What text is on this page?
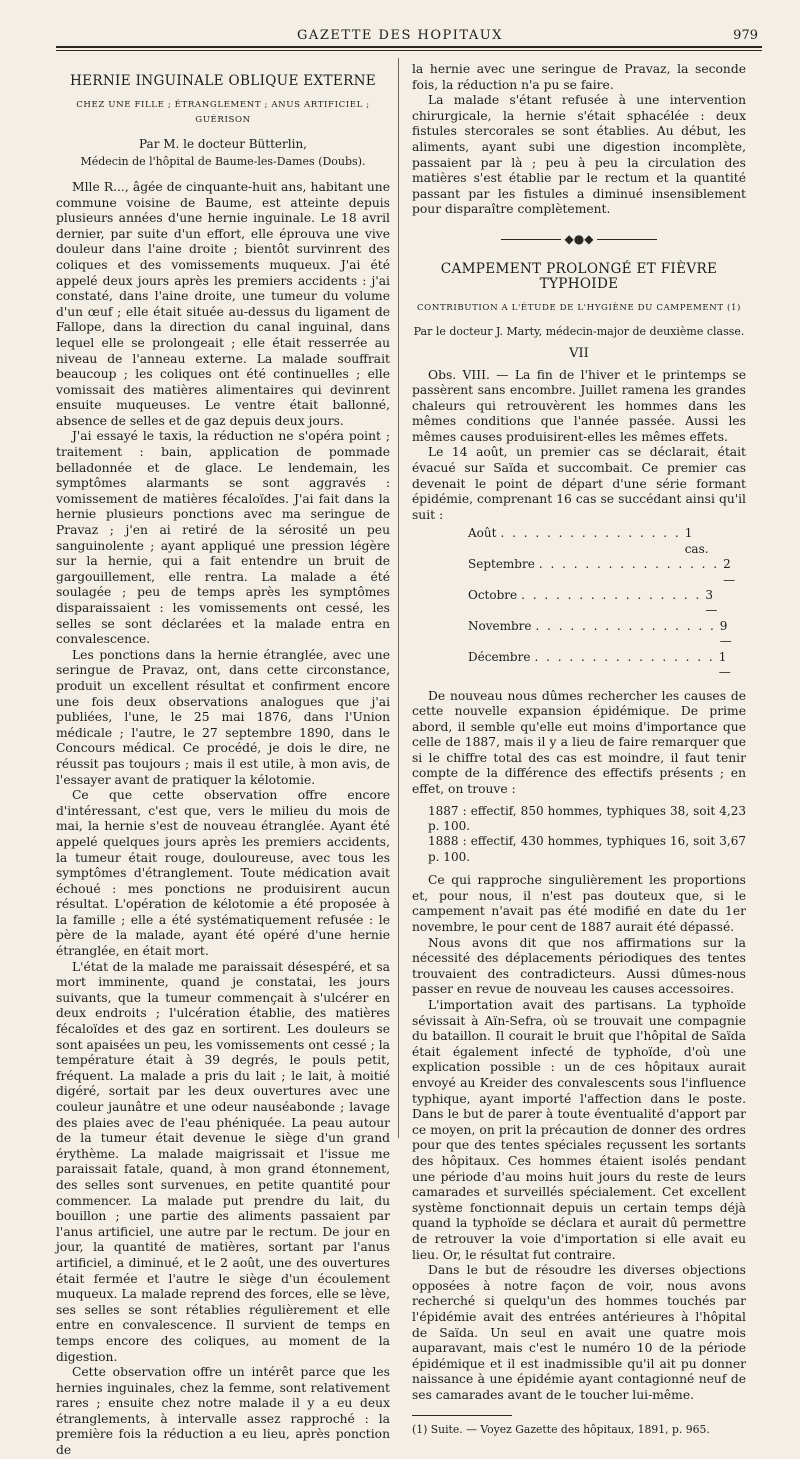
GAZETTE DES HOPITAUX	979
HERNIE INGUINALE OBLIQUE EXTERNE
CHEZ UNE FILLE ; ÉTRANGLEMENT ; ANUS ARTIFICIEL ; GUÉRISON
Par M. le docteur Bütterlin,
Médecin de l'hôpital de Baume-les-Dames (Doubs).

Mlle R..., âgée de cinquante-huit ans, habitant une commune voisine de Baume, est atteinte depuis plusieurs années d'une hernie inguinale. Le 18 avril dernier, par suite d'un effort, elle éprouva une vive douleur dans l'aine droite ; bientôt survinrent des coliques et des vomissements muqueux. J'ai été appelé deux jours après les premiers accidents : j'ai constaté, dans l'aine droite, une tumeur du volume d'un œuf ; elle était située au-dessus du ligament de Fallope, dans la direction du canal inguinal, dans lequel elle se prolongeait ; elle était resserrée au niveau de l'anneau externe. La malade souffrait beaucoup ; les coliques ont été continuelles ; elle vomissait des matières alimentaires qui devinrent ensuite muqueuses. Le ventre était ballonné, absence de selles et de gaz depuis deux jours.

J'ai essayé le taxis, la réduction ne s'opéra point ; traitement : bain, application de pommade belladonnée et de glace. Le lendemain, les symptômes alarmants se sont aggravés : vomissement de matières fécaloïdes. J'ai fait dans la hernie plusieurs ponctions avec ma seringue de Pravaz ; j'en ai retiré de la sérosité un peu sanguinolente ; ayant appliqué une pression légère sur la hernie, qui a fait entendre un bruit de gargouillement, elle rentra. La malade a été soulagée ; peu de temps après les symptômes disparaissaient : les vomissements ont cessé, les selles se sont déclarées et la malade entra en convalescence.

Les ponctions dans la hernie étranglée, avec une seringue de Pravaz, ont, dans cette circonstance, produit un excellent résultat et confirment encore une fois deux observations analogues que j'ai publiées, l'une, le 25 mai 1876, dans l'Union médicale ; l'autre, le 27 septembre 1890, dans le Concours médical. Ce procédé, je dois le dire, ne réussit pas toujours ; mais il est utile, à mon avis, de l'essayer avant de pratiquer la kélotomie.

Ce que cette observation offre encore d'intéressant, c'est que, vers le milieu du mois de mai, la hernie s'est de nouveau étranglée. Ayant été appelé quelques jours après les premiers accidents, la tumeur était rouge, douloureuse, avec tous les symptômes d'étranglement. Toute médication avait échoué : mes ponctions ne produisirent aucun résultat. L'opération de kélotomie a été proposée à la famille ; elle a été systématiquement refusée : le père de la malade, ayant été opéré d'une hernie étranglée, en était mort.

L'état de la malade me paraissait désespéré, et sa mort imminente, quand je constatai, les jours suivants, que la tumeur commençait à s'ulcérer en deux endroits ; l'ulcération établie, des matières fécaloïdes et des gaz en sortirent. Les douleurs se sont apaisées un peu, les vomissements ont cessé ; la température était à 39 degrés, le pouls petit, fréquent. La malade a pris du lait ; le lait, à moitié digéré, sortait par les deux ouvertures avec une couleur jaunâtre et une odeur nauséabonde ; lavage des plaies avec de l'eau phéniquée. La peau autour de la tumeur était devenue le siège d'un grand érythème. La malade maigrissait et l'issue me paraissait fatale, quand, à mon grand étonnement, des selles sont survenues, en petite quantité pour commencer. La malade put prendre du lait, du bouillon ; une partie des aliments passaient par l'anus artificiel, une autre par le rectum. De jour en jour, la quantité de matières, sortant par l'anus artificiel, a diminué, et le 2 août, une des ouvertures était fermée et l'autre le siège d'un écoulement muqueux. La malade reprend des forces, elle se lève, ses selles se sont rétablies régulièrement et elle entre en convalescence. Il survient de temps en temps encore des coliques, au moment de la digestion.

Cette observation offre un intérêt parce que les hernies inguinales, chez la femme, sont relativement rares ; ensuite chez notre malade il y a eu deux étranglements, à intervalle assez rapproché : la première fois la réduction a eu lieu, après ponction de

la hernie avec une seringue de Pravaz, la seconde fois, la réduction n'a pu se faire.

La malade s'étant refusée à une intervention chirurgicale, la hernie s'était sphacélée : deux fistules stercorales se sont établies. Au début, les aliments, ayant subi une digestion incomplète, passaient par là ; peu à peu la circulation des matières s'est établie par le rectum et la quantité passant par les fistules a diminué insensiblement pour disparaître complètement.

◆●◆
CAMPEMENT PROLONGÉ ET FIÈVRE TYPHOIDE
CONTRIBUTION A L'ÉTUDE DE L'HYGIÈNE DU CAMPEMENT (1)
Par le docteur J. Marty, médecin-major de deuxième classe.
VII

Obs. VIII. — La fin de l'hiver et le printemps se passèrent sans encombre. Juillet ramena les grandes chaleurs qui retrouvèrent les hommes dans les mêmes conditions que l'année passée. Aussi les mêmes causes produisirent-elles les mêmes effets.

Le 14 août, un premier cas se déclarait, était évacué sur Saïda et succombait. Ce premier cas devenait le point de départ d'une série formant épidémie, comprenant 16 cas se succédant ainsi qu'il suit :

Août . . . . . . . . . . . . . . . . 1 cas.
Septembre . . . . . . . . . . . . . . . . 2 —
Octobre . . . . . . . . . . . . . . . . 3 —
Novembre . . . . . . . . . . . . . . . . 9 —
Décembre . . . . . . . . . . . . . . . . 1 —

De nouveau nous dûmes rechercher les causes de cette nouvelle expansion épidémique. De prime abord, il semble qu'elle eut moins d'importance que celle de 1887, mais il y a lieu de faire remarquer que si le chiffre total des cas est moindre, il faut tenir compte de la différence des effectifs présents ; en effet, on trouve :

1887 : effectif, 850 hommes, typhiques 38, soit 4,23 p. 100.
1888 : effectif, 430 hommes, typhiques 16, soit 3,67 p. 100.

Ce qui rapproche singulièrement les proportions et, pour nous, il n'est pas douteux que, si le campement n'avait pas été modifié en date du 1er novembre, le pour cent de 1887 aurait été dépassé.

Nous avons dit que nos affirmations sur la nécessité des déplacements périodiques des tentes trouvaient des contradicteurs. Aussi dûmes-nous passer en revue de nouveau les causes accessoires.

L'importation avait des partisans. La typhoïde sévissait à Aïn-Sefra, où se trouvait une compagnie du bataillon. Il courait le bruit que l'hôpital de Saïda était également infecté de typhoïde, d'où une explication possible : un de ces hôpitaux aurait envoyé au Kreider des convalescents sous l'influence typhique, ayant importé l'affection dans le poste. Dans le but de parer à toute éventualité d'apport par ce moyen, on prit la précaution de donner des ordres pour que des tentes spéciales reçussent les sortants des hôpitaux. Ces hommes étaient isolés pendant une période d'au moins huit jours du reste de leurs camarades et surveillés spécialement. Cet excellent système fonctionnait depuis un certain temps déjà quand la typhoïde se déclara et aurait dû permettre de retrouver la voie d'importation si elle avait eu lieu. Or, le résultat fut contraire.

Dans le but de résoudre les diverses objections opposées à notre façon de voir, nous avons recherché si quelqu'un des hommes touchés par l'épidémie avait des entrées antérieures à l'hôpital de Saïda. Un seul en avait une quatre mois auparavant, mais c'est le numéro 10 de la période épidémique et il est inadmissible qu'il ait pu donner naissance à une épidémie ayant contagionné neuf de ses camarades avant de le toucher lui-même.

(1) Suite. — Voyez Gazette des hôpitaux, 1891, p. 965.
